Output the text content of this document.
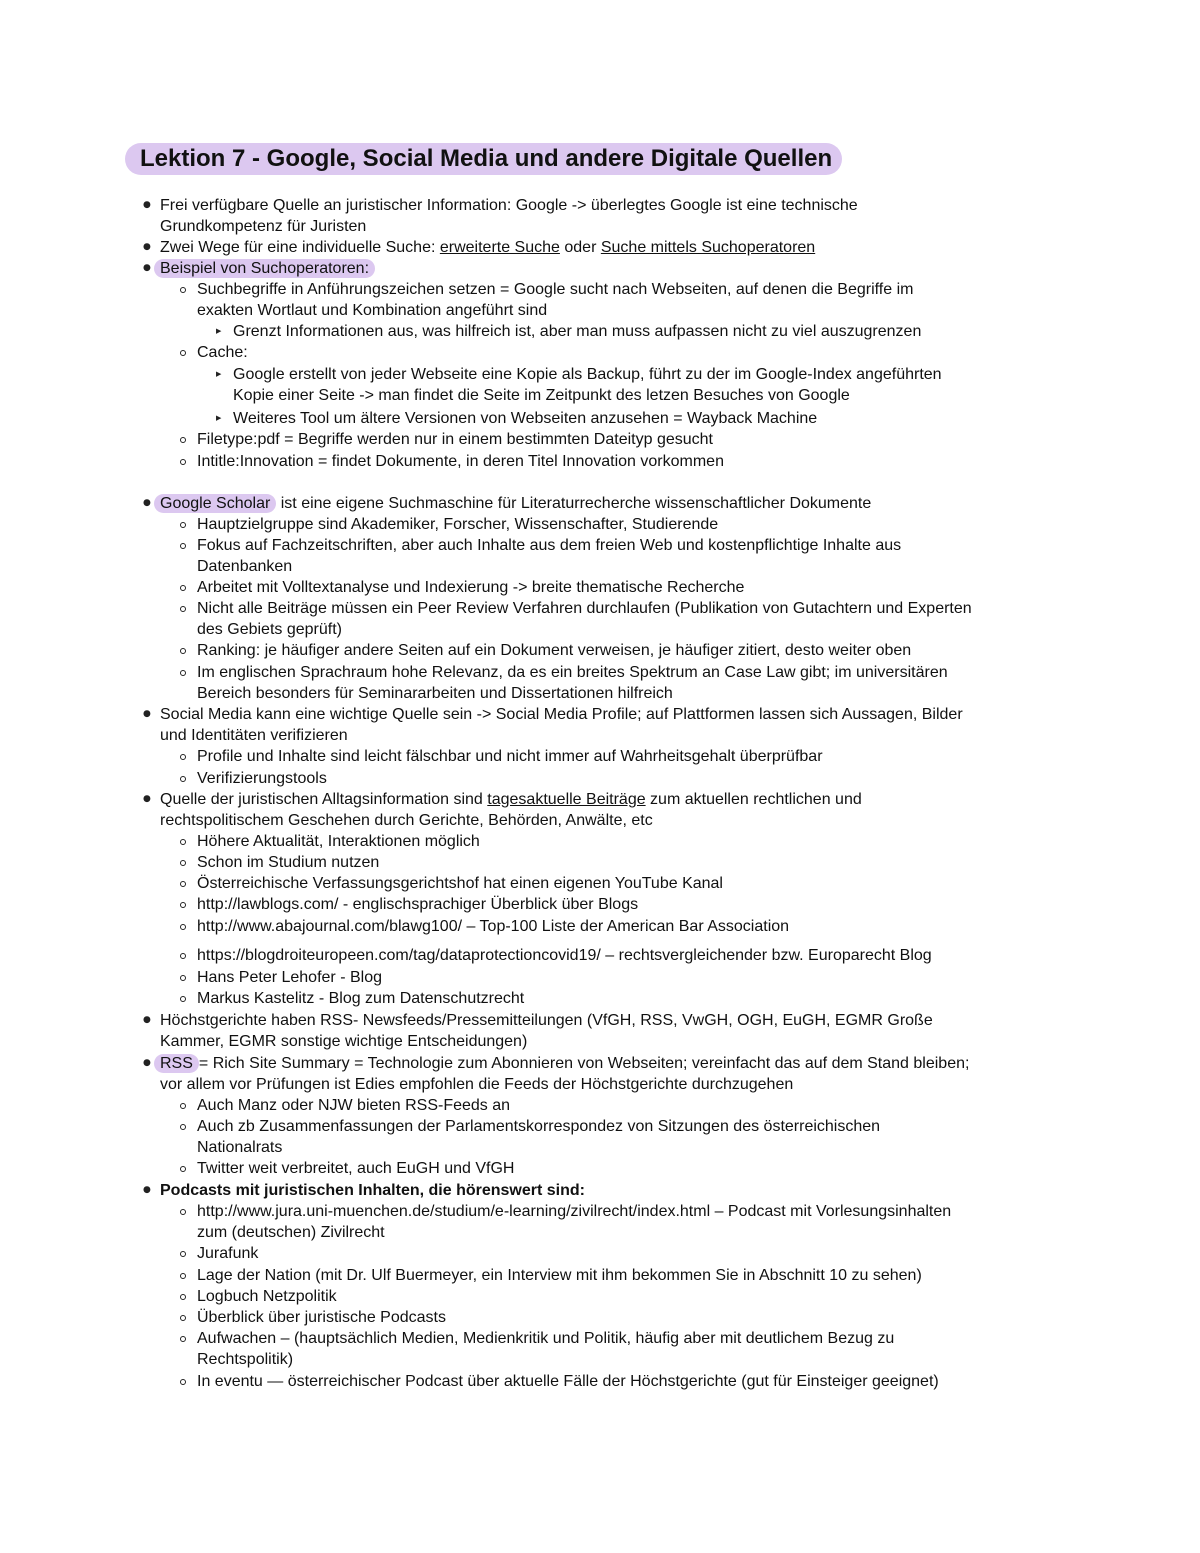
Lektion 7 - Google, Social Media und andere Digitale Quellen
● Frei verfügbare Quelle an juristischer Information: Google -> überlegtes Google ist eine technische

Grundkompetenz für Juristen

● Zwei Wege für eine individuelle Suche: erweiterte Suche oder Suche mittels Suchoperatoren

● Beispiel von Suchoperatoren:

Suchbegriffe in Anführungszeichen setzen = Google sucht nach Webseiten, auf denen die Begriffe im

exakten Wortlaut und Kombination angeführt sind

▶ Grenzt Informationen aus, was hilfreich ist, aber man muss aufpassen nicht zu viel auszugrenzen

Cache:

▶ Google erstellt von jeder Webseite eine Kopie als Backup, führt zu der im Google-Index angeführten

Kopie einer Seite -> man findet die Seite im Zeitpunkt des letzen Besuches von Google

▶ Weiteres Tool um ältere Versionen von Webseiten anzusehen = Wayback Machine

Filetype:pdf = Begriffe werden nur in einem bestimmten Dateityp gesucht

Intitle:Innovation = findet Dokumente, in deren Titel Innovation vorkommen

● Google Scholar ist eine eigene Suchmaschine für Literaturrecherche wissenschaftlicher Dokumente

Hauptzielgruppe sind Akademiker, Forscher, Wissenschafter, Studierende

Fokus auf Fachzeitschriften, aber auch Inhalte aus dem freien Web und kostenpflichtige Inhalte aus

Datenbanken

Arbeitet mit Volltextanalyse und Indexierung -> breite thematische Recherche

Nicht alle Beiträge müssen ein Peer Review Verfahren durchlaufen (Publikation von Gutachtern und Experten

des Gebiets geprüft)

Ranking: je häufiger andere Seiten auf ein Dokument verweisen, je häufiger zitiert, desto weiter oben

Im englischen Sprachraum hohe Relevanz, da es ein breites Spektrum an Case Law gibt; im universitären

Bereich besonders für Seminararbeiten und Dissertationen hilfreich

● Social Media kann eine wichtige Quelle sein -> Social Media Profile; auf Plattformen lassen sich Aussagen, Bilder

und Identitäten verifizieren

Profile und Inhalte sind leicht fälschbar und nicht immer auf Wahrheitsgehalt überprüfbar

Verifizierungstools

● Quelle der juristischen Alltagsinformation sind tagesaktuelle Beiträge zum aktuellen rechtlichen und

rechtspolitischem Geschehen durch Gerichte, Behörden, Anwälte, etc

Höhere Aktualität, Interaktionen möglich

Schon im Studium nutzen

Österreichische Verfassungsgerichtshof hat einen eigenen YouTube Kanal

http://lawblogs.com/ - englischsprachiger Überblick über Blogs

http://www.abajournal.com/blawg100/ – Top-100 Liste der American Bar Association

https://blogdroiteuropeen.com/tag/dataprotectioncovid19/ – rechtsvergleichender bzw. Europarecht Blog

Hans Peter Lehofer - Blog

Markus Kastelitz - Blog zum Datenschutzrecht

● Höchstgerichte haben RSS- Newsfeeds/Pressemitteilungen (VfGH, RSS, VwGH, OGH, EuGH, EGMR Große

Kammer, EGMR sonstige wichtige Entscheidungen)

● RSS = Rich Site Summary = Technologie zum Abonnieren von Webseiten; vereinfacht das auf dem Stand bleiben;

vor allem vor Prüfungen ist Edies empfohlen die Feeds der Höchstgerichte durchzugehen

Auch Manz oder NJW bieten RSS-Feeds an

Auch zb Zusammenfassungen der Parlamentskorrespondez von Sitzungen des österreichischen

Nationalrats

Twitter weit verbreitet, auch EuGH und VfGH

● Podcasts mit juristischen Inhalten, die hörenswert sind:

http://www.jura.uni-muenchen.de/studium/e-learning/zivilrecht/index.html – Podcast mit Vorlesungsinhalten

zum (deutschen) Zivilrecht

Jurafunk

Lage der Nation (mit Dr. Ulf Buermeyer, ein Interview mit ihm bekommen Sie in Abschnitt 10 zu sehen)

Logbuch Netzpolitik

Überblick über juristische Podcasts

Aufwachen – (hauptsächlich Medien, Medienkritik und Politik, häufig aber mit deutlichem Bezug zu

Rechtspolitik)

In eventu — österreichischer Podcast über aktuelle Fälle der Höchstgerichte (gut für Einsteiger geeignet)
